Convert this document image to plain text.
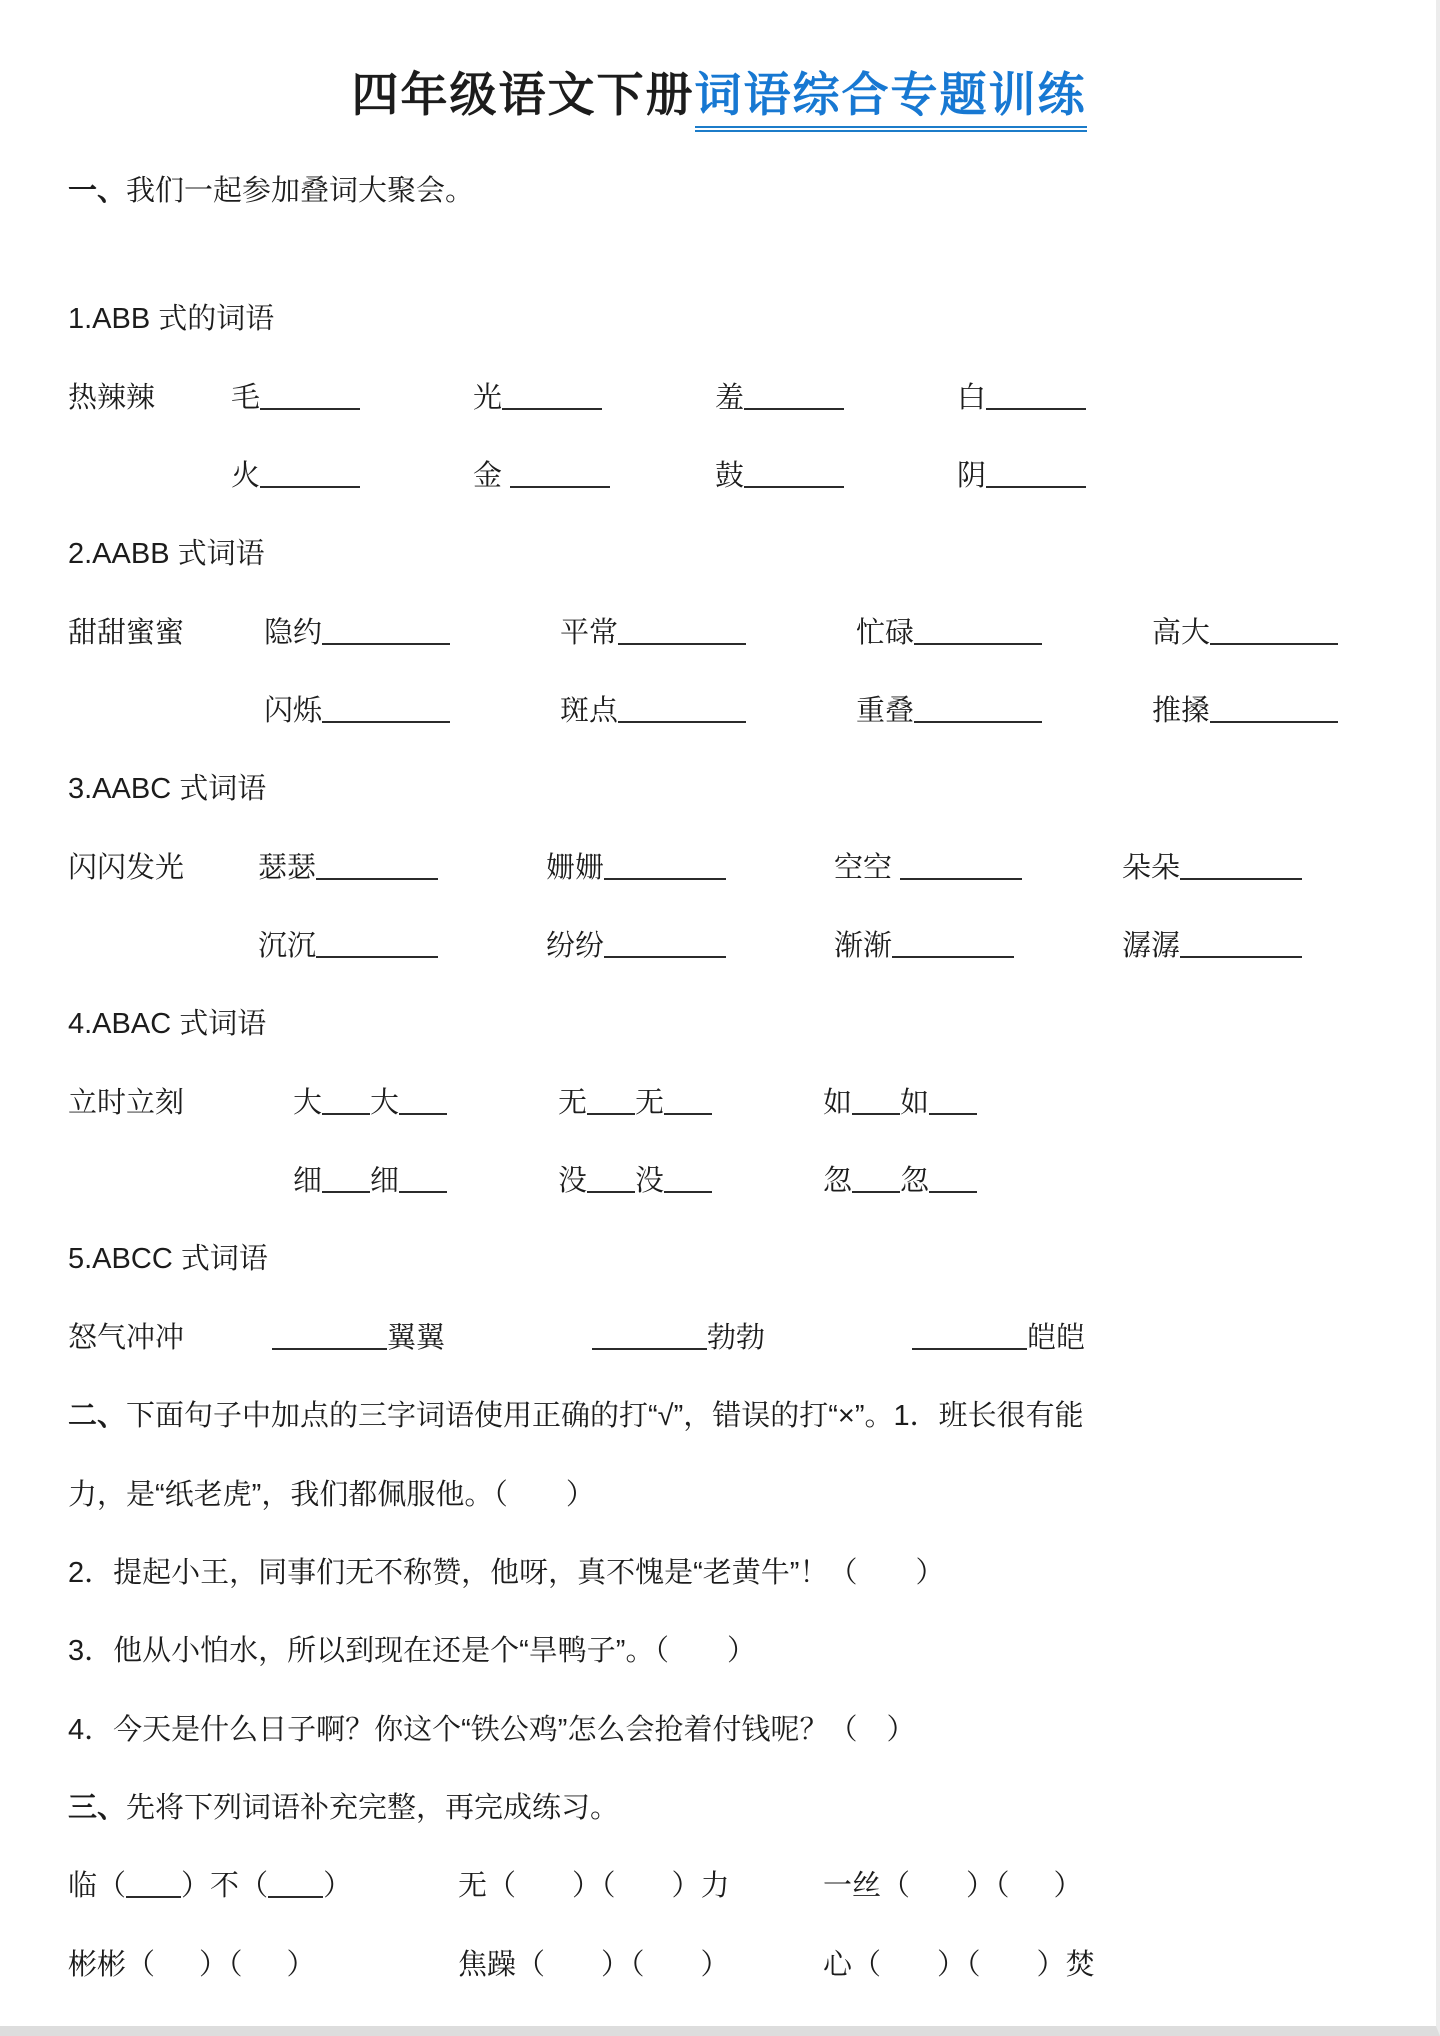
四年级语文下册词语综合专题训练

一、我们一起参加叠词大聚会。

1.ABB 式的词语

热辣辣	毛	光	羞	白
火	金	鼓	阴

2.AABB 式词语

甜甜蜜蜜	隐约	平常	忙碌	高大
闪烁	斑点	重叠	推搡

3.AABC 式词语

闪闪发光	瑟瑟	姗姗	空空	朵朵
沉沉	纷纷	渐渐	潺潺

4.ABAC 式词语

立时立刻	大 大	无 无	如 如
细 细	没 没	忽 忽

5.ABCC 式词语

怒气冲冲	翼翼	勃勃	皑皑

二、下面句子中加点的三字词语使用正确的打“√”，错误的打“×”。1．班长很有能

力，是“纸老虎”，我们都佩服他。（　　）

2．提起小王，同事们无不称赞，他呀，真不愧是“老黄牛”！（　　）

3．他从小怕水，所以到现在还是个“旱鸭子”。（　　）

4．今天是什么日子啊？你这个“铁公鸡”怎么会抢着付钱呢？（　）

三、先将下列词语补充完整，再完成练习。

临（ ）不（ ）	无（ ）（ ）力	一丝（ ）（ ）
彬彬（ ）（ ）	焦躁（ ）（ ）	心（ ）（ ）焚
